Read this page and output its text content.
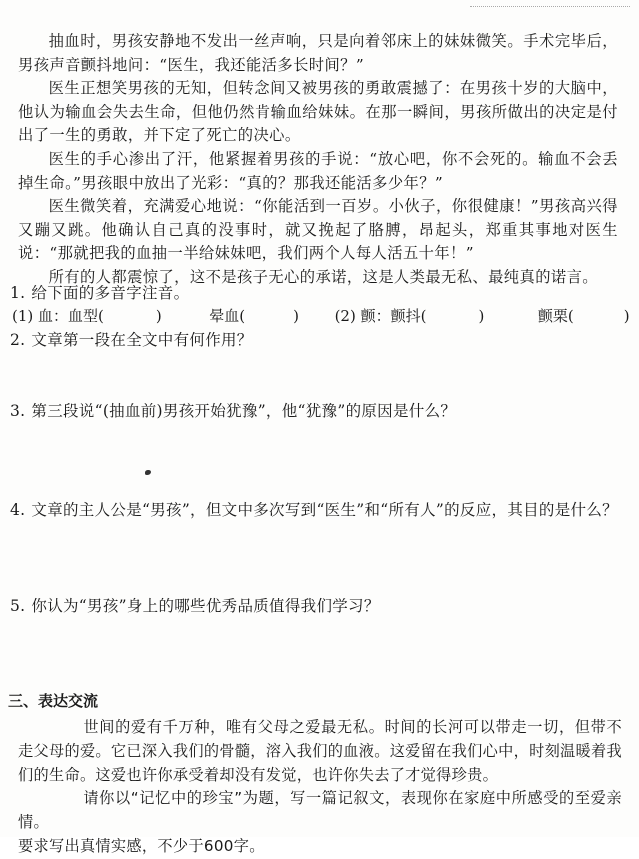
抽血时，男孩安静地不发出一丝声响，只是向着邻床上的妹妹微笑。手术完毕后，男孩声音颤抖地问：“医生，我还能活多长时间？”

医生正想笑男孩的无知，但转念间又被男孩的勇敢震撼了：在男孩十岁的大脑中，他认为输血会失去生命，但他仍然肯输血给妹妹。在那一瞬间，男孩所做出的决定是付出了一生的勇敢，并下定了死亡的决心。

医生的手心渗出了汗，他紧握着男孩的手说：“放心吧，你不会死的。输血不会丢掉生命。”男孩眼中放出了光彩：“真的？那我还能活多少年？”

医生微笑着，充满爱心地说：“你能活到一百岁。小伙子，你很健康！”男孩高兴得又蹦又跳。他确认自己真的没事时，就又挽起了胳膊，昂起头，郑重其事地对医生说：“那就把我的血抽一半给妹妹吧，我们两个人每人活五十年！”

所有的人都震惊了，这不是孩子无心的承诺，这是人类最无私、最纯真的诺言。

1. 给下面的多音字注音。
(1) 血：血型(	)	晕血(	) (2) 颤：颤抖(	)	颤栗(	)
2. 文章第一段在全文中有何作用？
3. 第三段说“(抽血前)男孩开始犹豫”，他“犹豫”的原因是什么？
4. 文章的主人公是“男孩”，但文中多次写到“医生”和“所有人”的反应，其目的是什么？
5. 你认为“男孩”身上的哪些优秀品质值得我们学习？
三、表达交流

世间的爱有千万种，唯有父母之爱最无私。时间的长河可以带走一切，但带不走父母的爱。它已深入我们的骨髓，溶入我们的血液。这爱留在我们心中，时刻温暖着我们的生命。这爱也许你承受着却没有发觉，也许你失去了才觉得珍贵。

请你以“记忆中的珍宝”为题，写一篇记叙文，表现你在家庭中所感受的至爱亲情。

要求写出真情实感，不少于600字。
